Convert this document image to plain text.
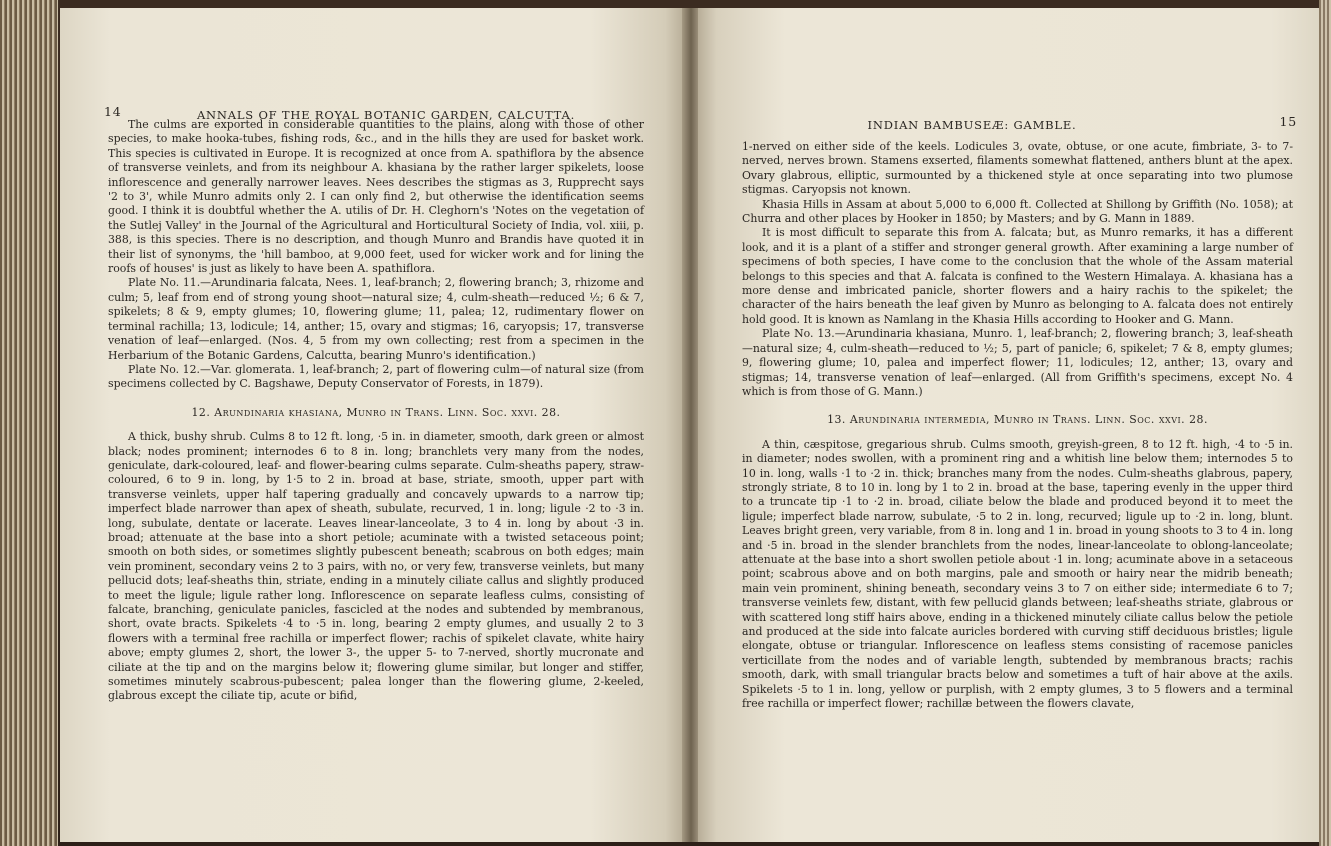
14	ANNALS OF THE ROYAL BOTANIC GARDEN, CALCUTTA.

The culms are exported in considerable quantities to the plains, along with those of other species, to make hooka-tubes, fishing rods, &c., and in the hills they are used for basket work. This species is cultivated in Europe. It is recognized at once from A. spathiflora by the absence of transverse veinlets, and from its neighbour A. khasiana by the rather larger spikelets, loose inflorescence and generally narrower leaves. Nees describes the stigmas as 3, Rupprecht says '2 to 3', while Munro admits only 2. I can only find 2, but otherwise the identification seems good. I think it is doubtful whether the A. utilis of Dr. H. Cleghorn's 'Notes on the vegetation of the Sutlej Valley' in the Journal of the Agricultural and Horticultural Society of India, vol. xiii, p. 388, is this species. There is no description, and though Munro and Brandis have quoted it in their list of synonyms, the 'hill bamboo, at 9,000 feet, used for wicker work and for lining the roofs of houses' is just as likely to have been A. spathiflora.

Plate No. 11.—Arundinaria falcata, Nees. 1, leaf-branch; 2, flowering branch; 3, rhizome and culm; 5, leaf from end of strong young shoot—natural size; 4, culm-sheath—reduced ½; 6 & 7, spikelets; 8 & 9, empty glumes; 10, flowering glume; 11, palea; 12, rudimentary flower on terminal rachilla; 13, lodicule; 14, anther; 15, ovary and stigmas; 16, caryopsis; 17, transverse venation of leaf—enlarged. (Nos. 4, 5 from my own collecting; rest from a specimen in the Herbarium of the Botanic Gardens, Calcutta, bearing Munro's identification.)

Plate No. 12.—Var. glomerata. 1, leaf-branch; 2, part of flowering culm—of natural size (from specimens collected by C. Bagshawe, Deputy Conservator of Forests, in 1879).

12. Arundinaria khasiana, Munro in Trans. Linn. Soc. xxvi. 28.

A thick, bushy shrub. Culms 8 to 12 ft. long, ·5 in. in diameter, smooth, dark green or almost black; nodes prominent; internodes 6 to 8 in. long; branchlets very many from the nodes, geniculate, dark-coloured, leaf- and flower-bearing culms separate. Culm-sheaths papery, straw-coloured, 6 to 9 in. long, by 1·5 to 2 in. broad at base, striate, smooth, upper part with transverse veinlets, upper half tapering gradually and concavely upwards to a narrow tip; imperfect blade narrower than apex of sheath, subulate, recurved, 1 in. long; ligule ·2 to ·3 in. long, subulate, dentate or lacerate. Leaves linear-lanceolate, 3 to 4 in. long by about ·3 in. broad; attenuate at the base into a short petiole; acuminate with a twisted setaceous point; smooth on both sides, or sometimes slightly pubescent beneath; scabrous on both edges; main vein prominent, secondary veins 2 to 3 pairs, with no, or very few, transverse veinlets, but many pellucid dots; leaf-sheaths thin, striate, ending in a minutely ciliate callus and slightly produced to meet the ligule; ligule rather long. Inflorescence on separate leafless culms, consisting of falcate, branching, geniculate panicles, fascicled at the nodes and subtended by membranous, short, ovate bracts. Spikelets ·4 to ·5 in. long, bearing 2 empty glumes, and usually 2 to 3 flowers with a terminal free rachilla or imperfect flower; rachis of spikelet clavate, white hairy above; empty glumes 2, short, the lower 3-, the upper 5- to 7-nerved, shortly mucronate and ciliate at the tip and on the margins below it; flowering glume similar, but longer and stiffer, sometimes minutely scabrous-pubescent; palea longer than the flowering glume, 2-keeled, glabrous except the ciliate tip, acute or bifid,

INDIAN BAMBUSEÆ: GAMBLE.	15

1-nerved on either side of the keels. Lodicules 3, ovate, obtuse, or one acute, fimbriate, 3- to 7-nerved, nerves brown. Stamens exserted, filaments somewhat flattened, anthers blunt at the apex. Ovary glabrous, elliptic, surmounted by a thickened style at once separating into two plumose stigmas. Caryopsis not known.

Khasia Hills in Assam at about 5,000 to 6,000 ft. Collected at Shillong by Griffith (No. 1058); at Churra and other places by Hooker in 1850; by Masters; and by G. Mann in 1889.

It is most difficult to separate this from A. falcata; but, as Munro remarks, it has a different look, and it is a plant of a stiffer and stronger general growth. After examining a large number of specimens of both species, I have come to the conclusion that the whole of the Assam material belongs to this species and that A. falcata is confined to the Western Himalaya. A. khasiana has a more dense and imbricated panicle, shorter flowers and a hairy rachis to the spikelet; the character of the hairs beneath the leaf given by Munro as belonging to A. falcata does not entirely hold good. It is known as Namlang in the Khasia Hills according to Hooker and G. Mann.

Plate No. 13.—Arundinaria khasiana, Munro. 1, leaf-branch; 2, flowering branch; 3, leaf-sheath—natural size; 4, culm-sheath—reduced to ½; 5, part of panicle; 6, spikelet; 7 & 8, empty glumes; 9, flowering glume; 10, palea and imperfect flower; 11, lodicules; 12, anther; 13, ovary and stigmas; 14, transverse venation of leaf—enlarged. (All from Griffith's specimens, except No. 4 which is from those of G. Mann.)

13. Arundinaria intermedia, Munro in Trans. Linn. Soc. xxvi. 28.

A thin, cæspitose, gregarious shrub. Culms smooth, greyish-green, 8 to 12 ft. high, ·4 to ·5 in. in diameter; nodes swollen, with a prominent ring and a whitish line below them; internodes 5 to 10 in. long, walls ·1 to ·2 in. thick; branches many from the nodes. Culm-sheaths glabrous, papery, strongly striate, 8 to 10 in. long by 1 to 2 in. broad at the base, tapering evenly in the upper third to a truncate tip ·1 to ·2 in. broad, ciliate below the blade and produced beyond it to meet the ligule; imperfect blade narrow, subulate, ·5 to 2 in. long, recurved; ligule up to ·2 in. long, blunt. Leaves bright green, very variable, from 8 in. long and 1 in. broad in young shoots to 3 to 4 in. long and ·5 in. broad in the slender branchlets from the nodes, linear-lanceolate to oblong-lanceolate; attenuate at the base into a short swollen petiole about ·1 in. long; acuminate above in a setaceous point; scabrous above and on both margins, pale and smooth or hairy near the midrib beneath; main vein prominent, shining beneath, secondary veins 3 to 7 on either side; intermediate 6 to 7; transverse veinlets few, distant, with few pellucid glands between; leaf-sheaths striate, glabrous or with scattered long stiff hairs above, ending in a thickened minutely ciliate callus below the petiole and produced at the side into falcate auricles bordered with curving stiff deciduous bristles; ligule elongate, obtuse or triangular. Inflorescence on leafless stems consisting of racemose panicles verticillate from the nodes and of variable length, subtended by membranous bracts; rachis smooth, dark, with small triangular bracts below and sometimes a tuft of hair above at the axils. Spikelets ·5 to 1 in. long, yellow or purplish, with 2 empty glumes, 3 to 5 flowers and a terminal free rachilla or imperfect flower; rachillæ between the flowers clavate,
